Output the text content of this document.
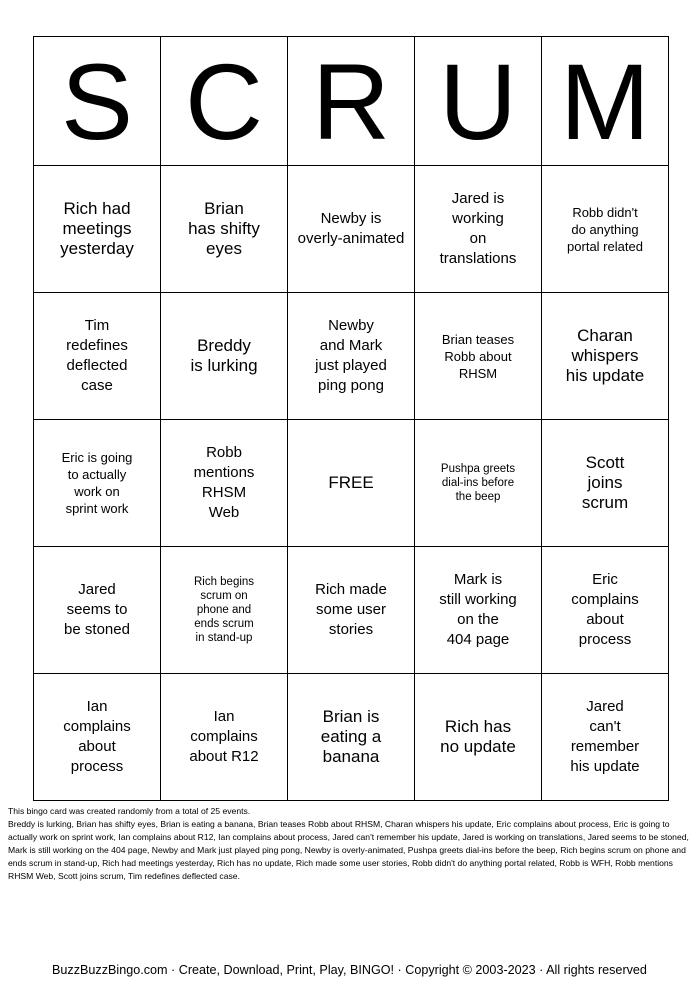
S	C	R	U	M

Rich had
meetings
yesterday	Brian
has shifty
eyes	Newby is
overly-animated	Jared is
working
on
translations	Robb didn't
do anything
portal related

Tim
redefines
deflected
case	Breddy
is lurking	Newby
and Mark
just played
ping pong	Brian teases
Robb about
RHSM	Charan
whispers
his update

Eric is going
to actually
work on
sprint work	Robb
mentions
RHSM
Web	FREE	Pushpa greets
dial-ins before
the beep	Scott
joins
scrum

Jared
seems to
be stoned	Rich begins
scrum on
phone and
ends scrum
in stand-up	Rich made
some user
stories	Mark is
still working
on the
404 page	Eric
complains
about
process

Ian
complains
about
process	Ian
complains
about R12	Brian is
eating a
banana	Rich has
no update	Jared
can't
remember
his update

This bingo card was created randomly from a total of 25 events.

Breddy is lurking, Brian has shifty eyes, Brian is eating a banana, Brian teases Robb about RHSM, Charan whispers his update, Eric complains about process, Eric is going to actually work on sprint work, Ian complains about R12, Ian complains about process, Jared can't remember his update, Jared is working on translations, Jared seems to be stoned, Mark is still working on the 404 page, Newby and Mark just played ping pong, Newby is overly-animated, Pushpa greets dial-ins before the beep, Rich begins scrum on phone and ends scrum in stand-up, Rich had meetings yesterday, Rich has no update, Rich made some user stories, Robb didn't do anything portal related, Robb is WFH, Robb mentions RHSM Web, Scott joins scrum, Tim redefines deflected case.

BuzzBuzzBingo.com · Create, Download, Print, Play, BINGO! · Copyright © 2003-2023 · All rights reserved
